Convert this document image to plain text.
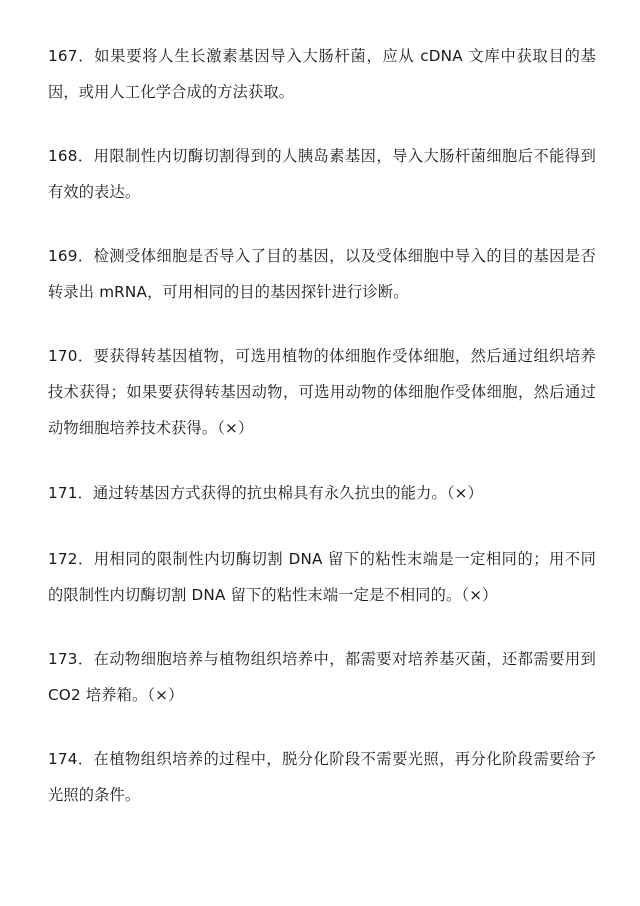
167．如果要将人生长激素基因导入大肠杆菌，应从 cDNA 文库中获取目的基因，或用人工化学合成的方法获取。

168．用限制性内切酶切割得到的人胰岛素基因，导入大肠杆菌细胞后不能得到有效的表达。

169．检测受体细胞是否导入了目的基因，以及受体细胞中导入的目的基因是否转录出 mRNA，可用相同的目的基因探针进行诊断。

170．要获得转基因植物，可选用植物的体细胞作受体细胞，然后通过组织培养技术获得；如果要获得转基因动物，可选用动物的体细胞作受体细胞，然后通过动物细胞培养技术获得。（×）

171．通过转基因方式获得的抗虫棉具有永久抗虫的能力。（×）

172．用相同的限制性内切酶切割 DNA 留下的粘性末端是一定相同的；用不同的限制性内切酶切割 DNA 留下的粘性末端一定是不相同的。（×）

173．在动物细胞培养与植物组织培养中，都需要对培养基灭菌，还都需要用到 CO2 培养箱。（×）

174．在植物组织培养的过程中，脱分化阶段不需要光照，再分化阶段需要给予光照的条件。
